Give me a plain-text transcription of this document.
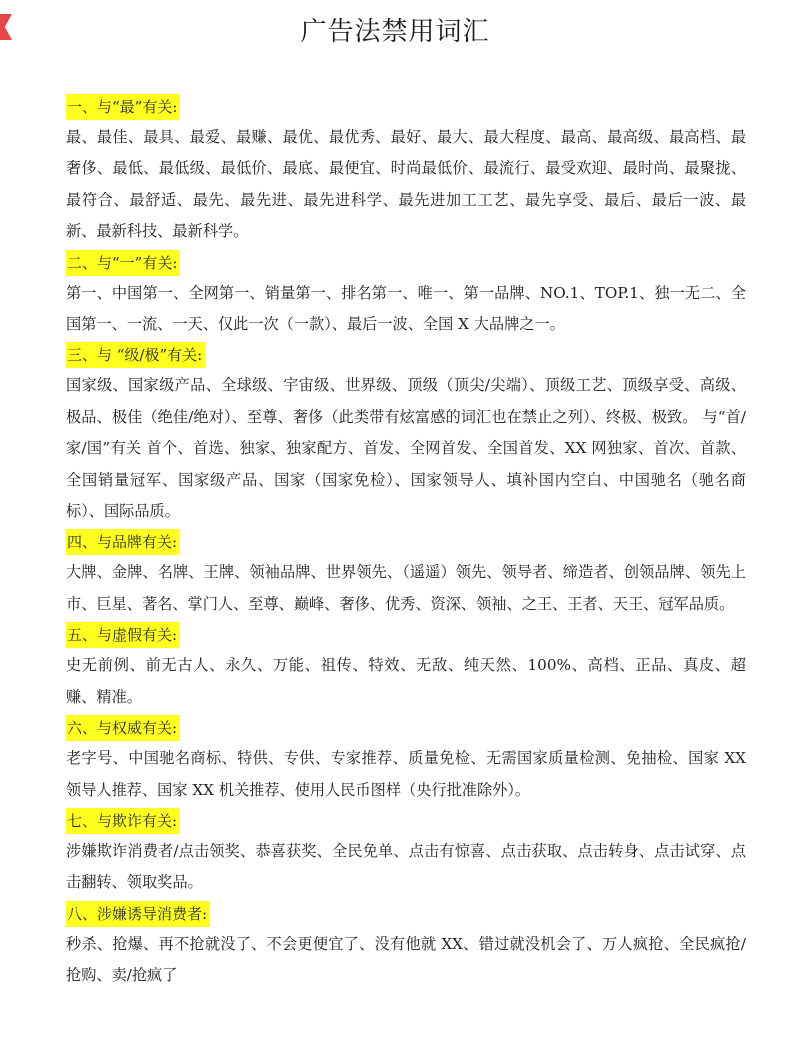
广告法禁用词汇
一、与“最”有关:
最、最佳、最具、最爱、最赚、最优、最优秀、最好、最大、最大程度、最高、最高级、最高档、最奢侈、最低、最低级、最低价、最底、最便宜、时尚最低价、最流行、最受欢迎、最时尚、最聚拢、最符合、最舒适、最先、最先进、最先进科学、最先进加工工艺、最先享受、最后、最后一波、最新、最新科技、最新科学。
二、与“一”有关:
第一、中国第一、全网第一、销量第一、排名第一、唯一、第一品牌、NO.1、TOP.1、独一无二、全国第一、一流、一天、仅此一次（一款）、最后一波、全国 X 大品牌之一。
三、与 “级/极”有关:
国家级、国家级产品、全球级、宇宙级、世界级、顶级（顶尖/尖端）、顶级工艺、顶级享受、高级、极品、极佳（绝佳/绝对）、至尊、奢侈（此类带有炫富感的词汇也在禁止之列）、终极、极致。 与“首/家/国”有关 首个、首选、独家、独家配方、首发、全网首发、全国首发、XX 网独家、首次、首款、全国销量冠军、国家级产品、国家（国家免检）、国家领导人、填补国内空白、中国驰名（驰名商标）、国际品质。
四、与品牌有关:
大牌、金牌、名牌、王牌、领袖品牌、世界领先、（遥遥）领先、领导者、缔造者、创领品牌、领先上市、巨星、著名、掌门人、至尊、巅峰、奢侈、优秀、资深、领袖、之王、王者、天王、冠军品质。
五、与虚假有关:
史无前例、前无古人、永久、万能、祖传、特效、无敌、纯天然、100%、高档、正品、真皮、超赚、精准。
六、与权威有关:
老字号、中国驰名商标、特供、专供、专家推荐、质量免检、无需国家质量检测、免抽检、国家 XX 领导人推荐、国家 XX 机关推荐、使用人民币图样（央行批准除外）。
七、与欺诈有关:
涉嫌欺诈消费者/点击领奖、恭喜获奖、全民免单、点击有惊喜、点击获取、点击转身、点击试穿、点击翻转、领取奖品。
八、涉嫌诱导消费者:
秒杀、抢爆、再不抢就没了、不会更便宜了、没有他就 XX、错过就没机会了、万人疯抢、全民疯抢/抢购、卖/抢疯了
